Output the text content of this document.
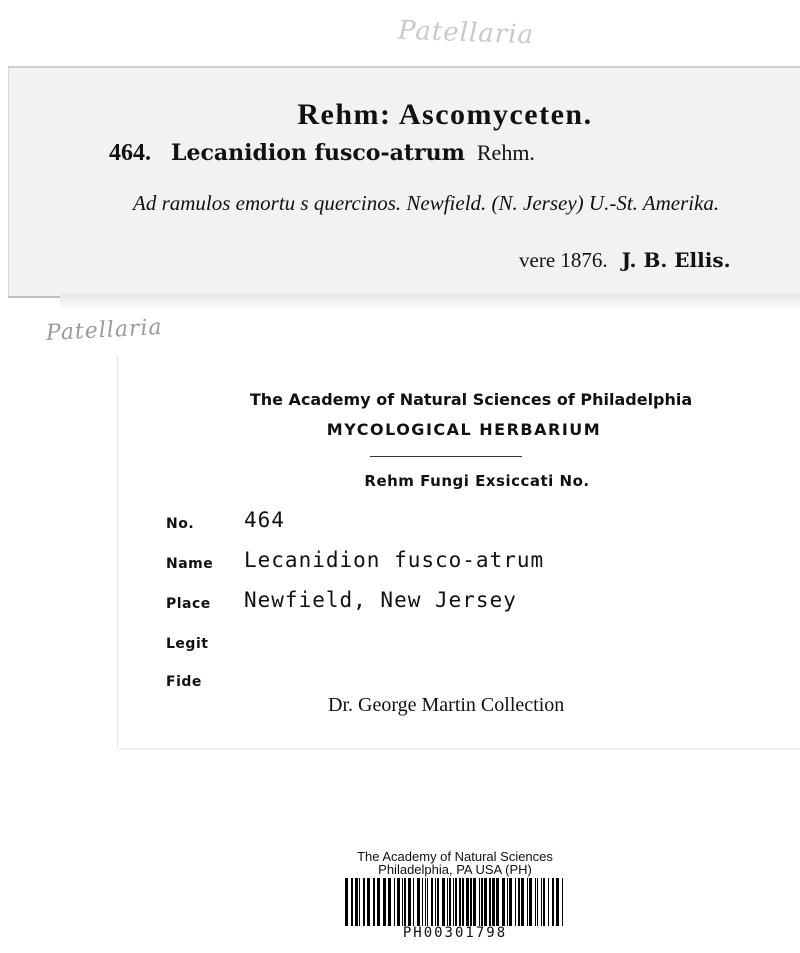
Patellaria
Rehm: Ascomyceten.
464. Lecanidion fusco-atrum Rehm.
Ad ramulos emortu s quercinos. Newfield. (N. Jersey) U.-St. Amerika.
vere 1876. J. B. Ellis.
Patellaria
The Academy of Natural Sciences of Philadelphia
MYCOLOGICAL HERBARIUM
Rehm Fungi Exsiccati No.
No. 464
Name Lecanidion fusco-atrum
Place Newfield, New Jersey
Legit
Fide
Dr. George Martin Collection
The Academy of Natural Sciences
Philadelphia, PA USA (PH)
PH00301798
